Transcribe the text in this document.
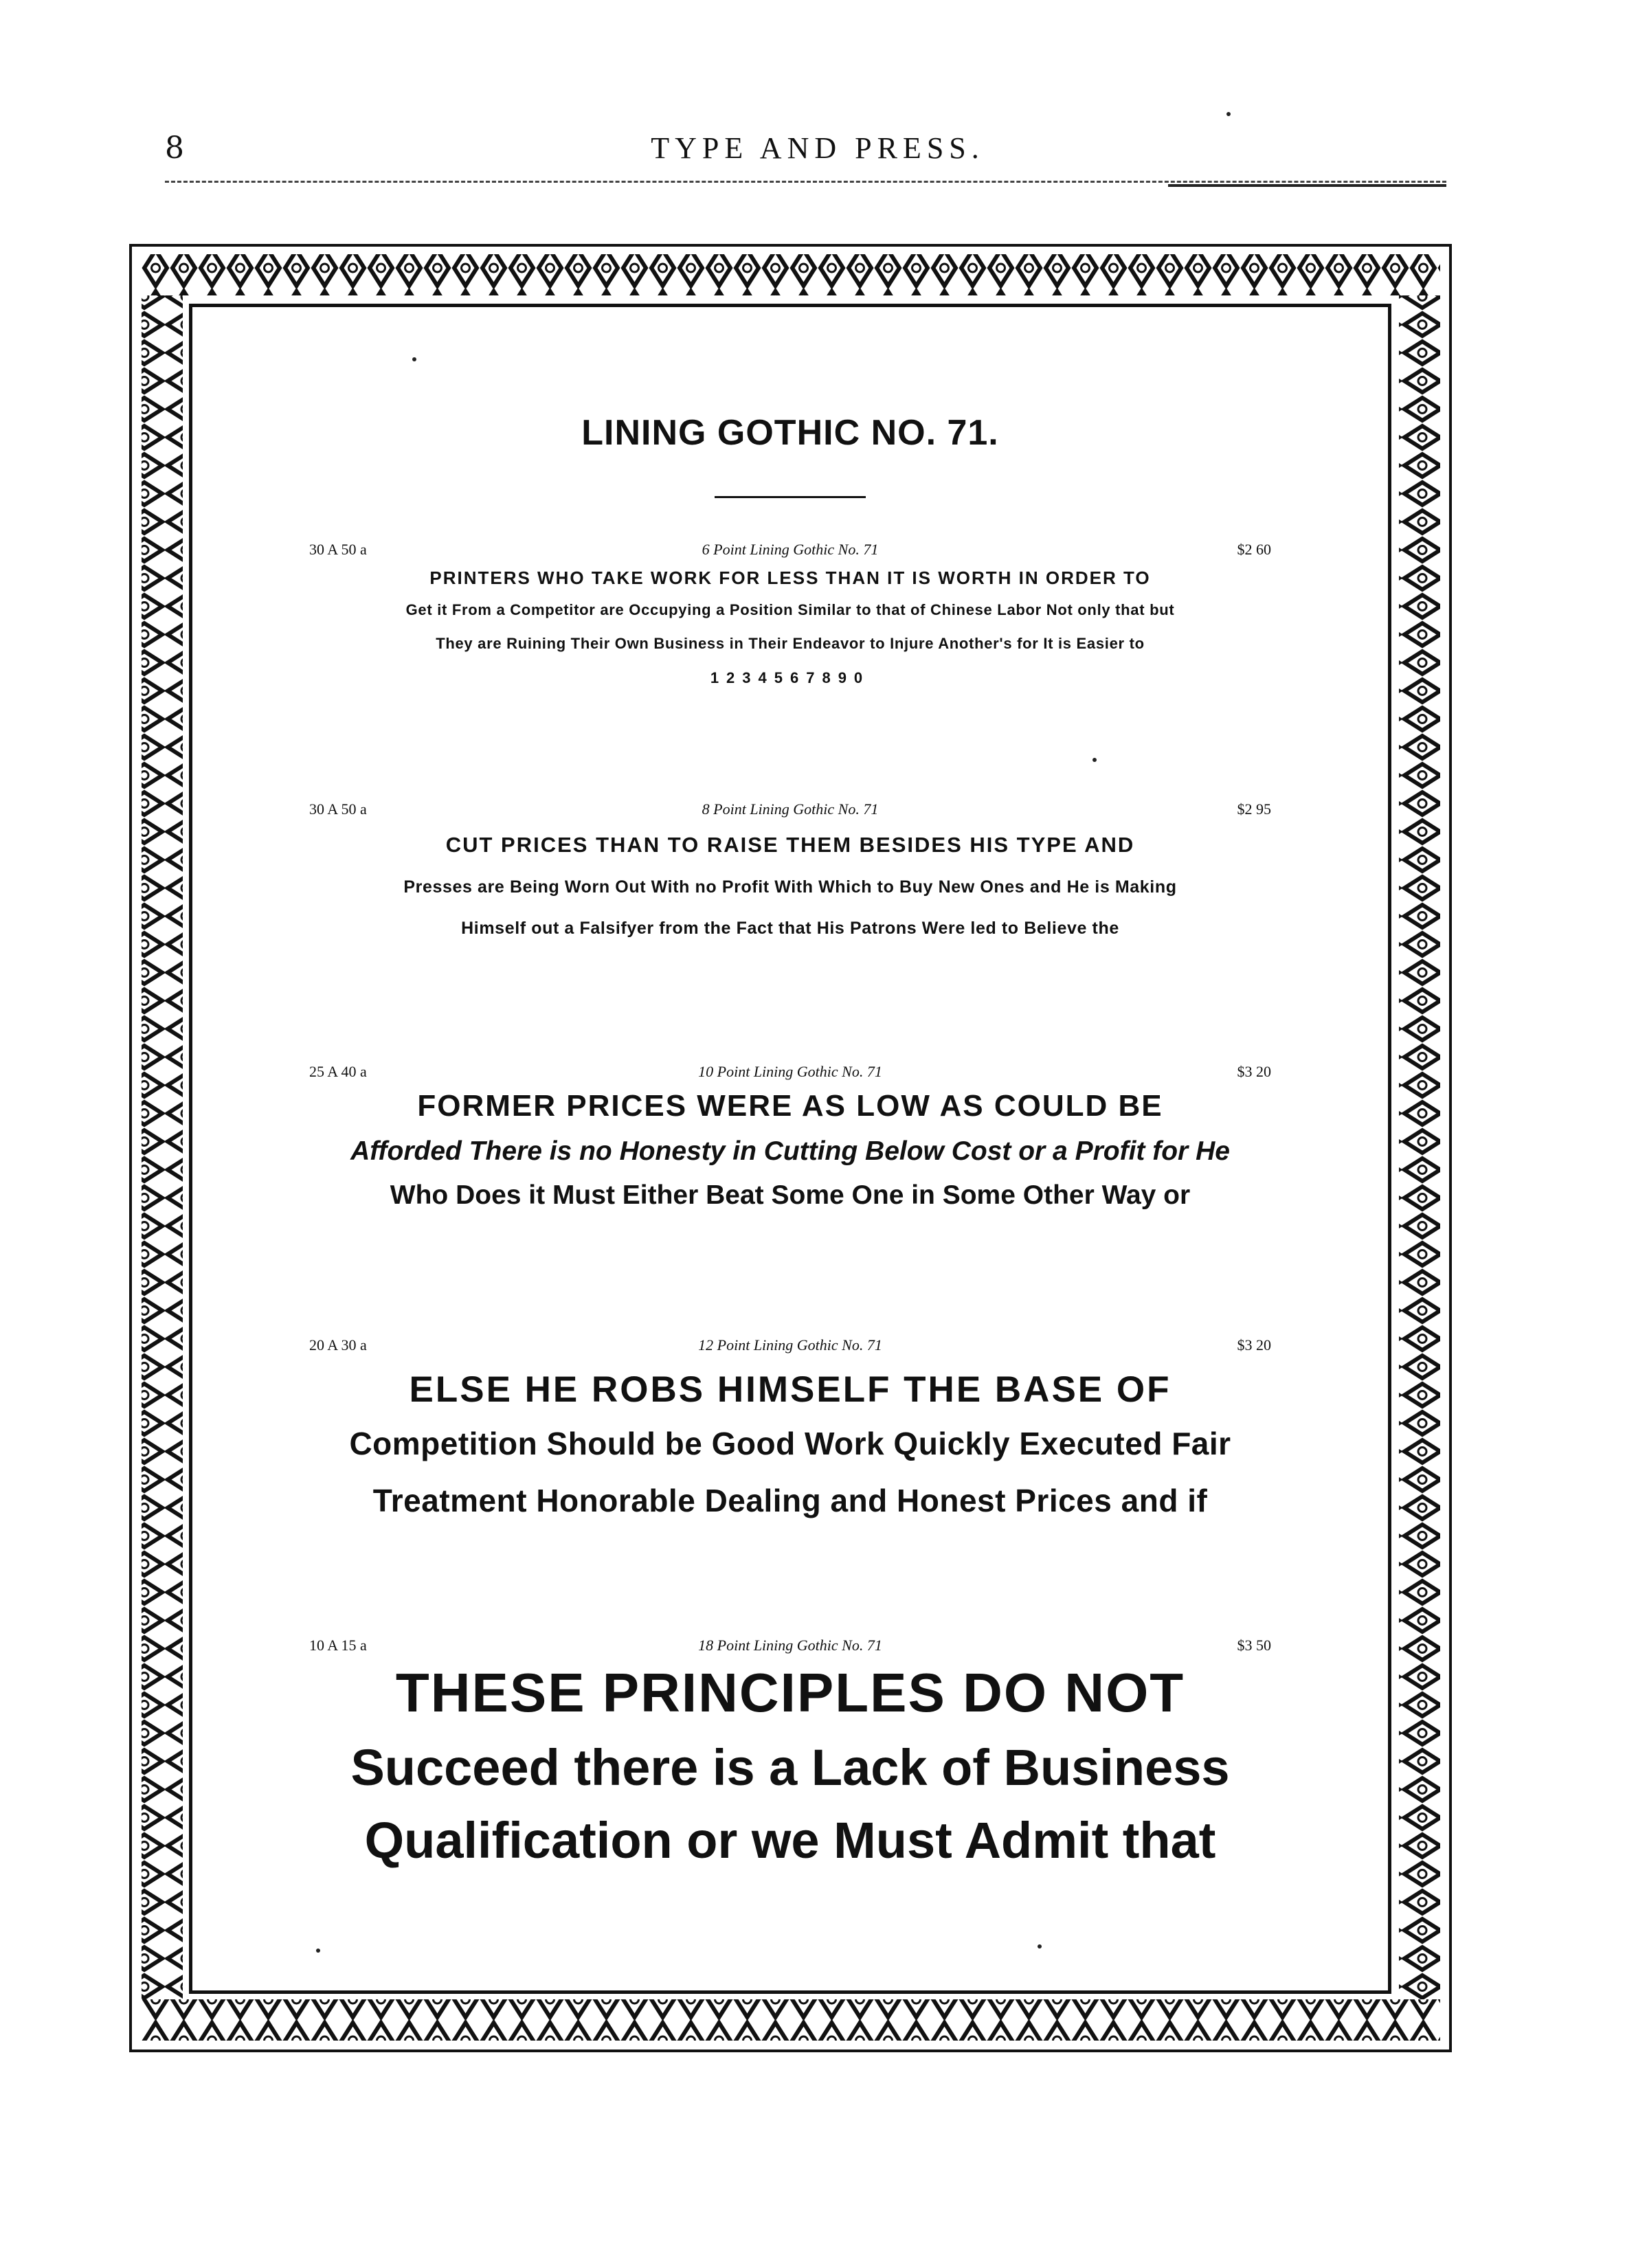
8	TYPE AND PRESS.
LINING GOTHIC NO. 71.
30 A 50 a	6 Point Lining Gothic No. 71	$2 60
PRINTERS WHO TAKE WORK FOR LESS THAN IT IS WORTH IN ORDER TO
Get it From a Competitor are Occupying a Position Similar to that of Chinese Labor Not only that but
They are Ruining Their Own Business in Their Endeavor to Injure Another's for It is Easier to
1234567890
30 A 50 a	8 Point Lining Gothic No. 71	$2 95
CUT PRICES THAN TO RAISE THEM BESIDES HIS TYPE AND
Presses are Being Worn Out With no Profit With Which to Buy New Ones and He is Making
Himself out a Falsifyer from the Fact that His Patrons Were led to Believe the
25 A 40 a	10 Point Lining Gothic No. 71	$3 20
FORMER PRICES WERE AS LOW AS COULD BE
Afforded There is no Honesty in Cutting Below Cost or a Profit for He
Who Does it Must Either Beat Some One in Some Other Way or
20 A 30 a	12 Point Lining Gothic No. 71	$3 20
ELSE HE ROBS HIMSELF THE BASE OF
Competition Should be Good Work Quickly Executed Fair
Treatment Honorable Dealing and Honest Prices and if
10 A 15 a	18 Point Lining Gothic No. 71	$3 50
THESE PRINCIPLES DO NOT
Succeed there is a Lack of Business
Qualification or we Must Admit that
